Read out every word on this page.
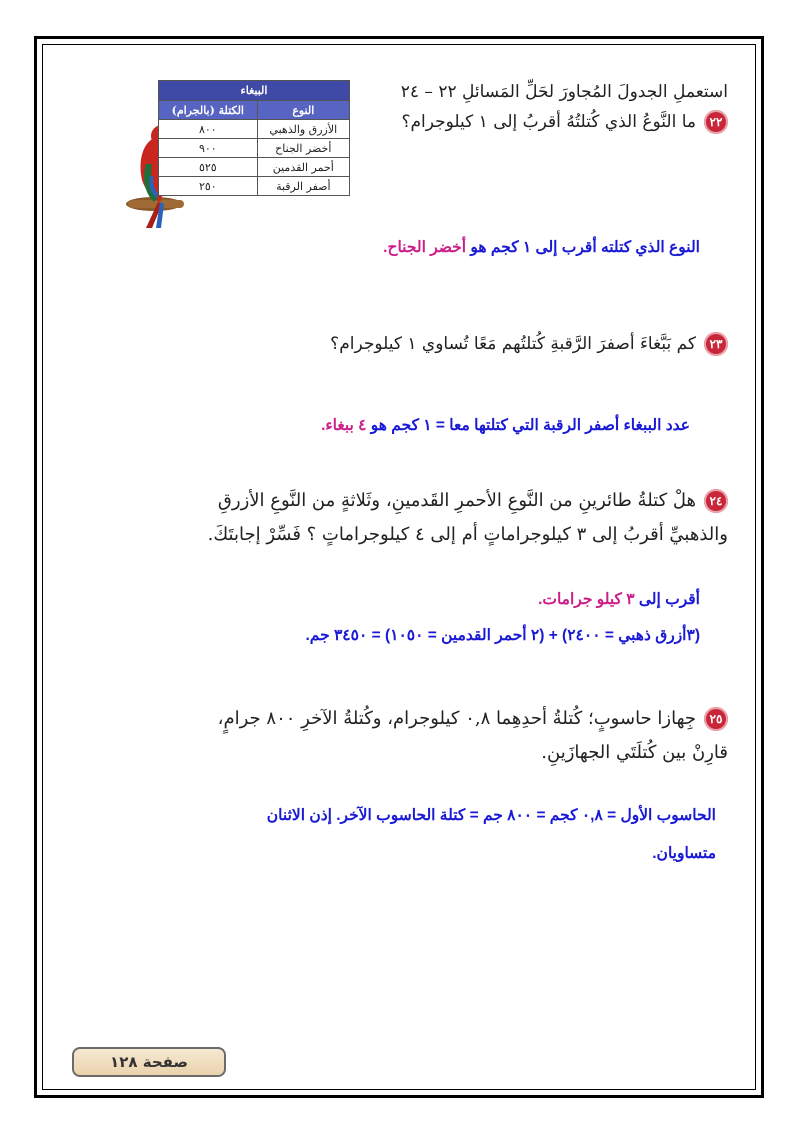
استعملِ الجدولَ المُجاورَ لحَلِّ المَسائلِ ٢٢ – ٢٤
الببغاء	
النوع	الكتلة (بالجرام)
الأزرق والذهبي	٨٠٠
أخضر الجناح	٩٠٠
أحمر القدمين	٥٢٥
أصفر الرقبة	٢٥٠
٢٢ما النَّوعُ الذي كُتلتُهُ أقربُ إلى ١ كيلوجرام؟
النوع الذي كتلته أقرب إلى ١ كجم هو أخضر الجناح.
٢٣كم بَبَّغاءَ أصفرَ الرَّقبةِ كُتلتُهم مَعًا تُساوي ١ كيلوجرام؟
عدد الببغاء أصفر الرقبة التي كتلتها معا = ١ كجم هو ٤ ببغاء.
٢٤هلْ كتلةُ طائرينِ من النَّوعِ الأحمرِ القَدمينِ، وثَلاثةٍ من النَّوعِ الأزرقِ
والذهبيِّ أقربُ إلى ٣ كيلوجراماتٍ أم إلى ٤ كيلوجراماتٍ ؟ فَسِّرْ إجابتَكَ.
أقرب إلى ٣ كيلو جرامات.
(٣أزرق ذهبي = ٢٤٠٠) + (٢ أحمر القدمين = ١٠٥٠) = ٣٤٥٠ جم.
٢٥جِهازا حاسوبٍ؛ كُتلةُ أحدِهِما ٠,٨ كيلوجرام، وكُتلةُ الآخرِ ٨٠٠ جرامٍ،
قارِنْ بين كُتلَتَي الجهازَينِ.
الحاسوب الأول = ٠,٨ كجم = ٨٠٠ جم = كتلة الحاسوب الآخر. إذن الاثنان
متساويان.
صفحة ١٢٨
